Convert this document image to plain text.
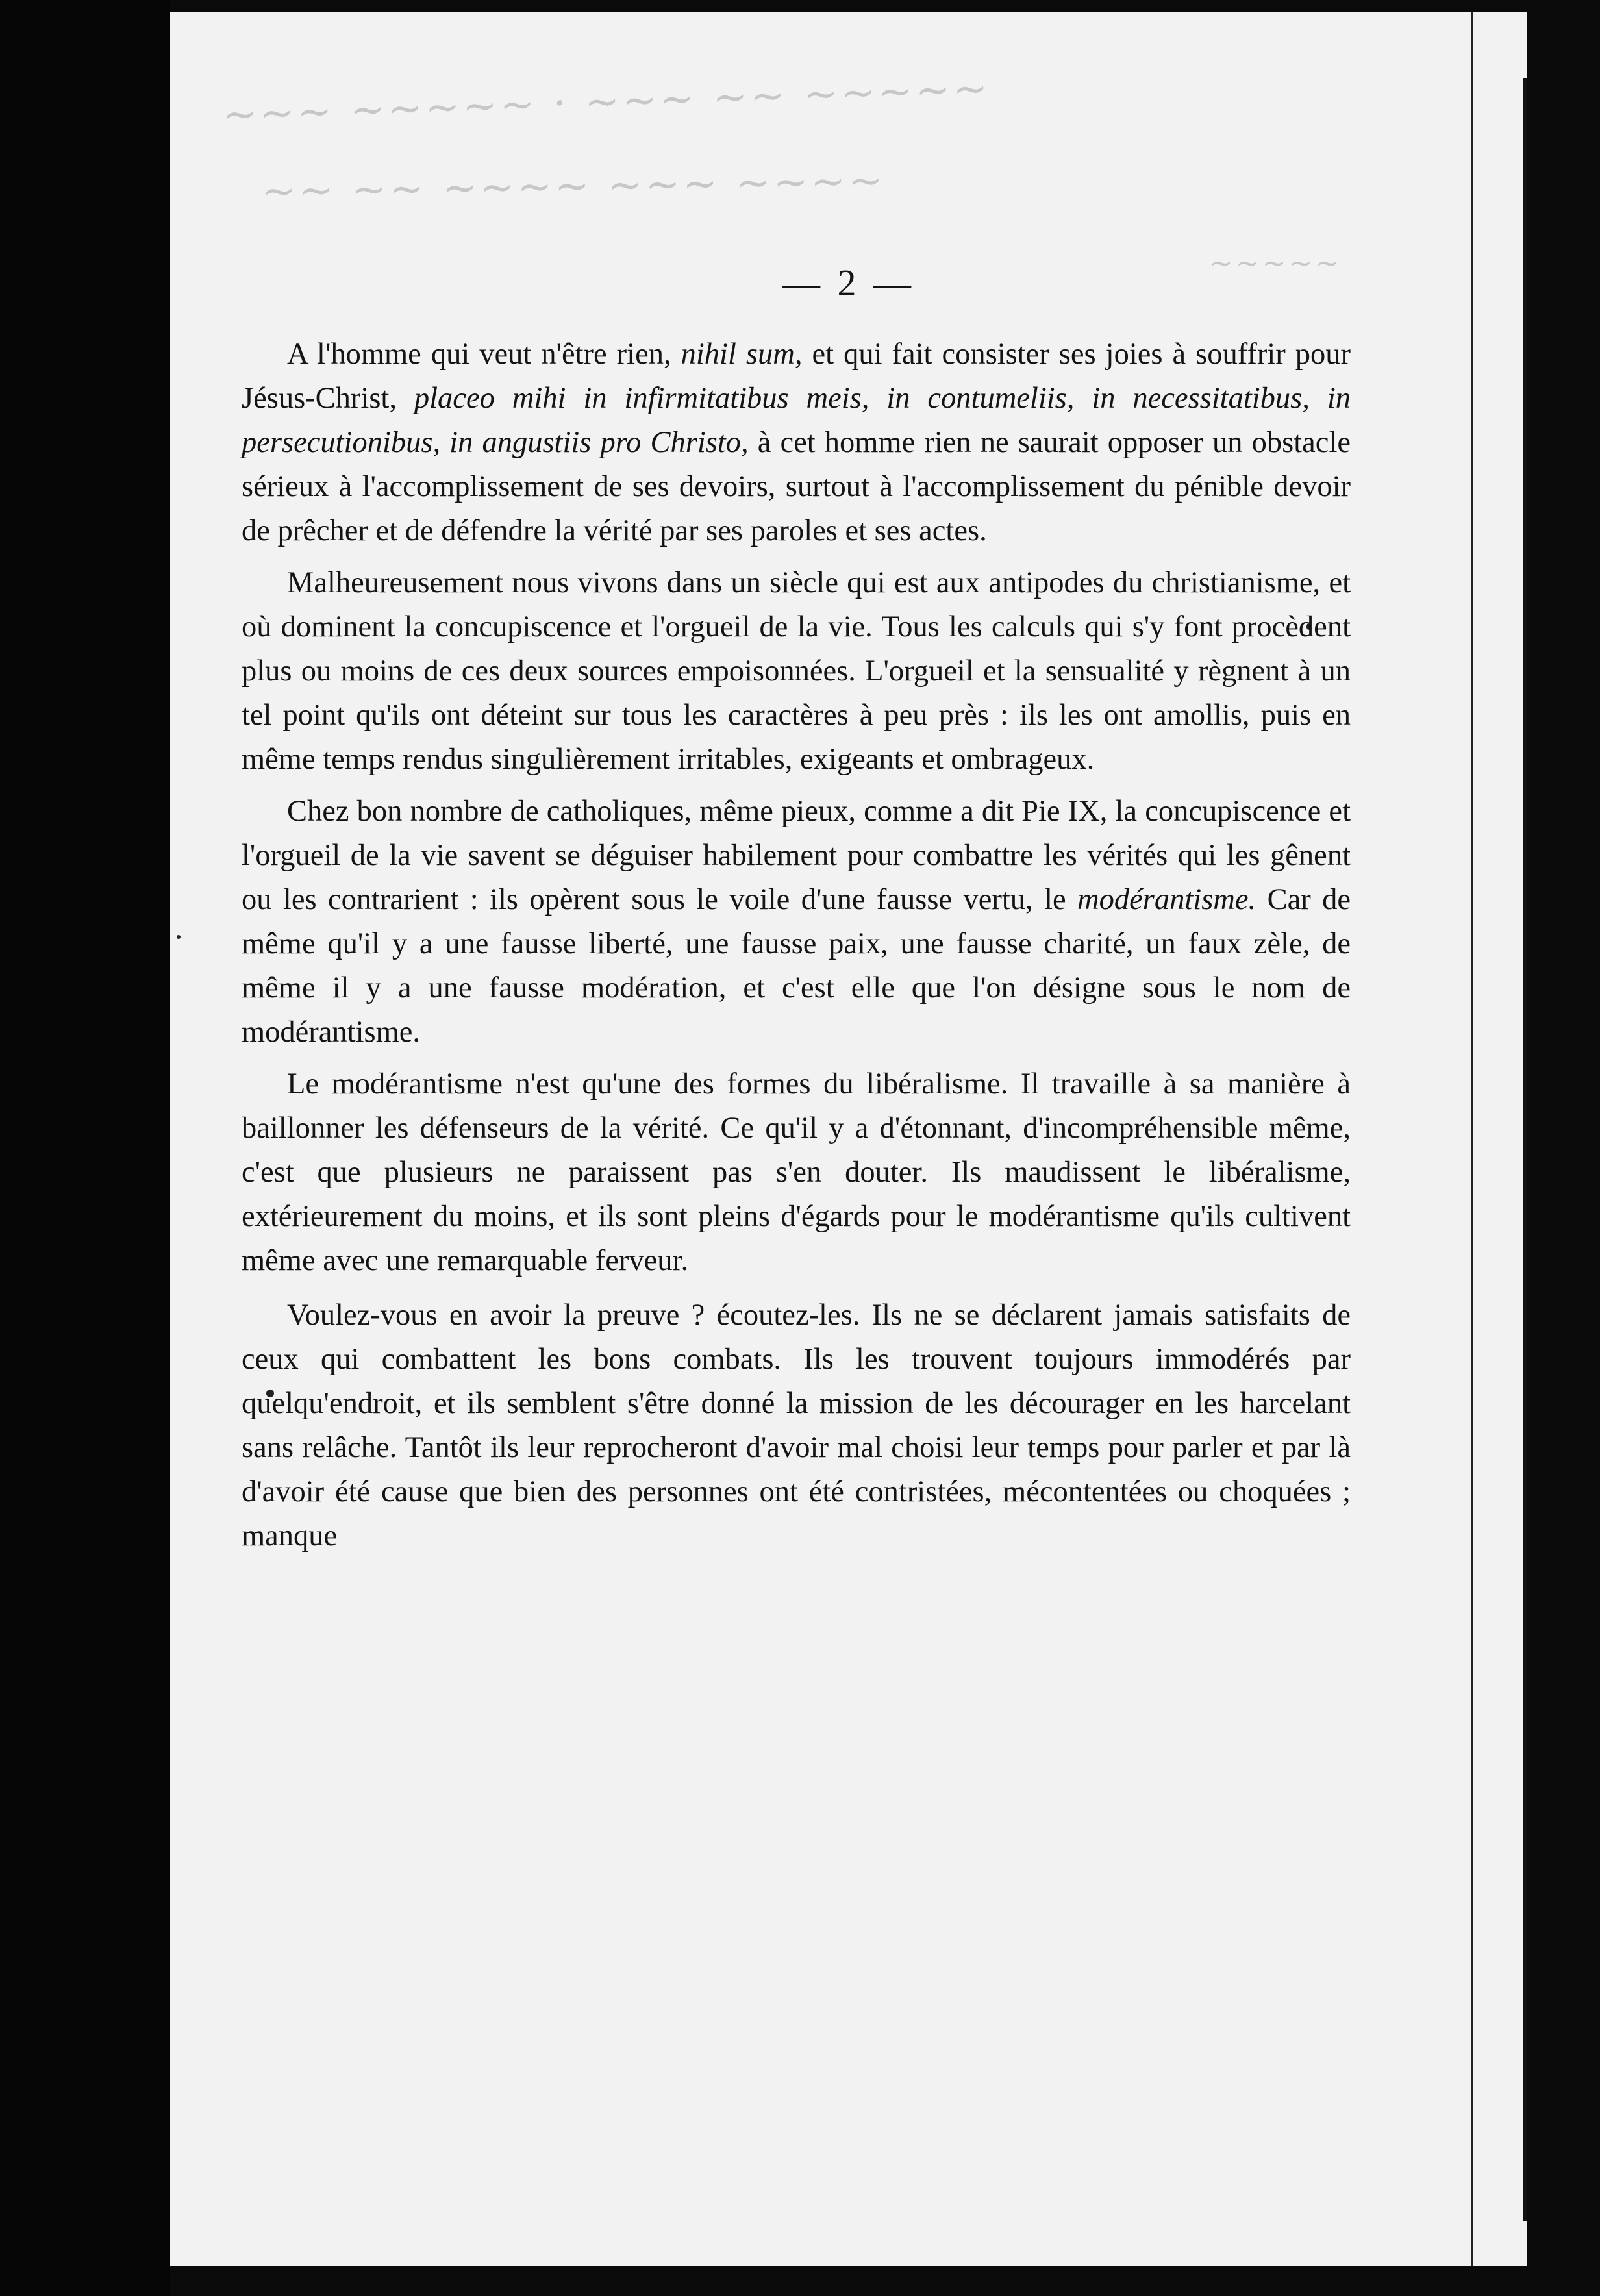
~~~ ~~~~~ · ~~~ ~~ ~~~~~
~~ ~~ ~~~~ ~~~ ~~~~
~~~~~
— 2 —

A l'homme qui veut n'être rien, nihil sum, et qui fait consister ses joies à souffrir pour Jésus-Christ, placeo mihi in infirmitatibus meis, in contumeliis, in necessitatibus, in persecutionibus, in angustiis pro Christo, à cet homme rien ne saurait opposer un obstacle sérieux à l'accomplissement de ses devoirs, surtout à l'accomplissement du pénible devoir de prêcher et de défendre la vérité par ses paroles et ses actes.

Malheureusement nous vivons dans un siècle qui est aux antipodes du christianisme, et où dominent la concupiscence et l'orgueil de la vie. Tous les calculs qui s'y font procèdent plus ou moins de ces deux sources empoisonnées. L'orgueil et la sensualité y règnent à un tel point qu'ils ont déteint sur tous les caractères à peu près : ils les ont amollis, puis en même temps rendus singulièrement irritables, exigeants et ombrageux.

Chez bon nombre de catholiques, même pieux, comme a dit Pie IX, la concupiscence et l'orgueil de la vie savent se déguiser habilement pour combattre les vérités qui les gênent ou les contrarient : ils opèrent sous le voile d'une fausse vertu, le modérantisme. Car de même qu'il y a une fausse liberté, une fausse paix, une fausse charité, un faux zèle, de même il y a une fausse modération, et c'est elle que l'on désigne sous le nom de modérantisme.

Le modérantisme n'est qu'une des formes du libéralisme. Il travaille à sa manière à baillonner les défenseurs de la vérité. Ce qu'il y a d'étonnant, d'incompréhensible même, c'est que plusieurs ne paraissent pas s'en douter. Ils maudissent le libéralisme, extérieurement du moins, et ils sont pleins d'égards pour le modérantisme qu'ils cultivent même avec une remarquable ferveur.

Voulez-vous en avoir la preuve ? écoutez-les. Ils ne se déclarent jamais satisfaits de ceux qui combattent les bons combats. Ils les trouvent toujours immodérés par quelqu'endroit, et ils semblent s'être donné la mission de les décourager en les harcelant sans relâche. Tantôt ils leur reprocheront d'avoir mal choisi leur temps pour parler et par là d'avoir été cause que bien des personnes ont été contristées, mécontentées ou choquées ; manque
